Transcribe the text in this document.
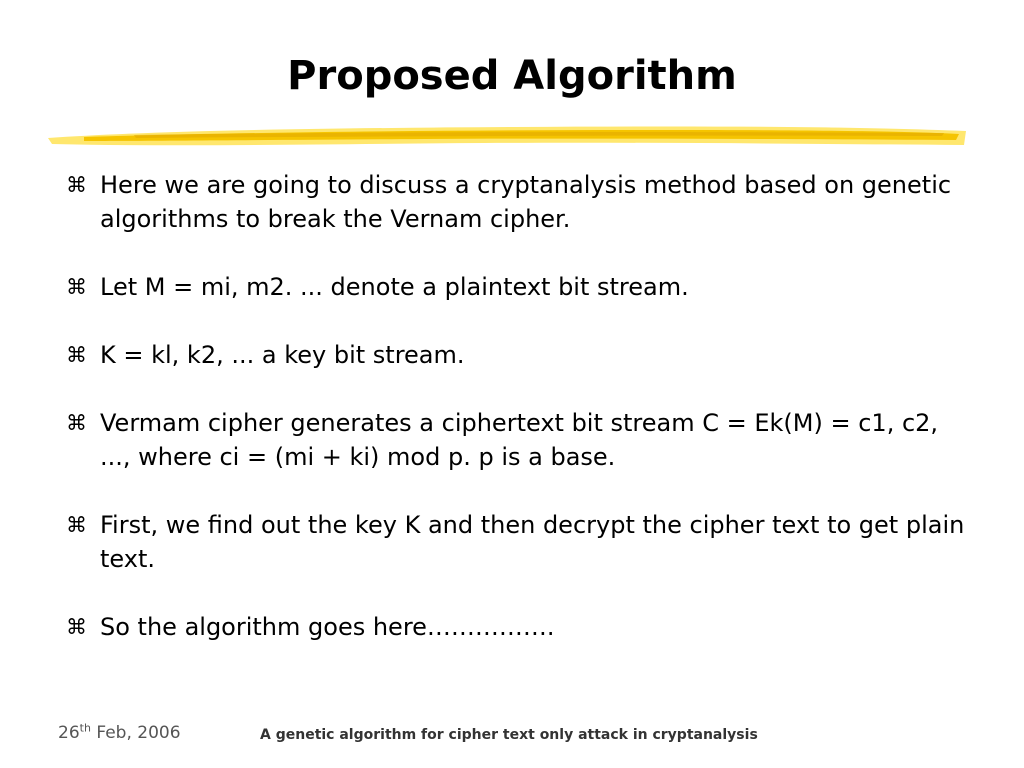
Proposed Algorithm
⌘ Here we are going to discuss a cryptanalysis method based on genetic algorithms to break the Vernam cipher.
⌘ Let M = mi, m2. ... denote a plaintext bit stream.
⌘ K = kl, k2, ... a key bit stream.
⌘ Vermam cipher generates a ciphertext bit stream C = Ek(M) = c1, c2, ..., where ci = (mi + ki) mod p. p is a base.
⌘ First, we find out the key K and then decrypt the cipher text to get plain text.
⌘ So the algorithm goes here…………….
26th Feb, 2006	A genetic algorithm for cipher text only attack in cryptanalysis
